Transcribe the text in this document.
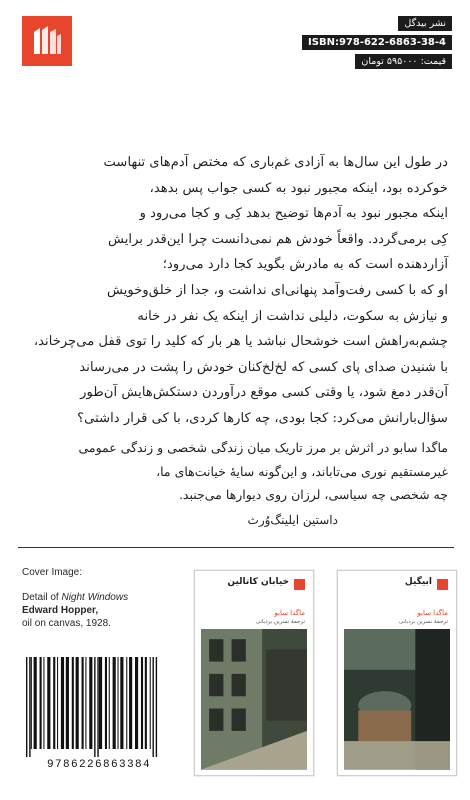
نشر بیدگل
ISBN:978-622-6863-38-4
قیمت: ۵۹۵۰۰۰ تومان

در طول این سال‌ها به آزادی غم‌باری که مختص آدم‌های تنهاست

خوکرده بود، اینکه مجبور نبود به کسی جواب پس بدهد،

اینکه مجبور نبود به آدم‌ها توضیح بدهد کِی و کجا می‌رود و

کِی برمی‌گردد. واقعاً خودش هم نمی‌دانست چرا این‌قدر برایش

آزاردهنده است که به مادرش بگوید کجا دارد می‌رود؛

او که با کسی رفت‌وآمد پنهانی‌ای نداشت و، جدا از خلق‌وخویش

و نیازش به سکوت، دلیلی نداشت از اینکه یک نفر در خانه

چشم‌به‌راهش است خوشحال نباشد یا هر بار که کلید را توی قفل می‌چرخاند،

با شنیدن صدای پای کسی که لخ‌لخ‌کنان خودش را پشت در می‌رساند

آن‌قدر دمغ شود، یا وقتی کسی موقع درآوردن دستکش‌هایش آن‌طور

سؤال‌بارانش می‌کرد: کجا بودی، چه کارها کردی، با کی قرار داشتی؟

ماگدا سابو در اثرش بر مرز تاریک میان زندگی شخصی و زندگی عمومی

غیرمستقیم نوری می‌تاباند، و این‌گونه سایهٔ خیانت‌های ما،

چه شخصی چه سیاسی، لرزان روی دیوارها می‌جنبد.

داستین ایلینگ‌وُرث

Cover Image:
Detail of Night Windows
Edward Hopper,
oil on canvas, 1928.
خیابان کاتالین
ماگدا سابو
ترجمهٔ نسرین بردبانی
ابیگیل
ماگدا سابو
ترجمهٔ نسرین بردبانی
9786226863384
